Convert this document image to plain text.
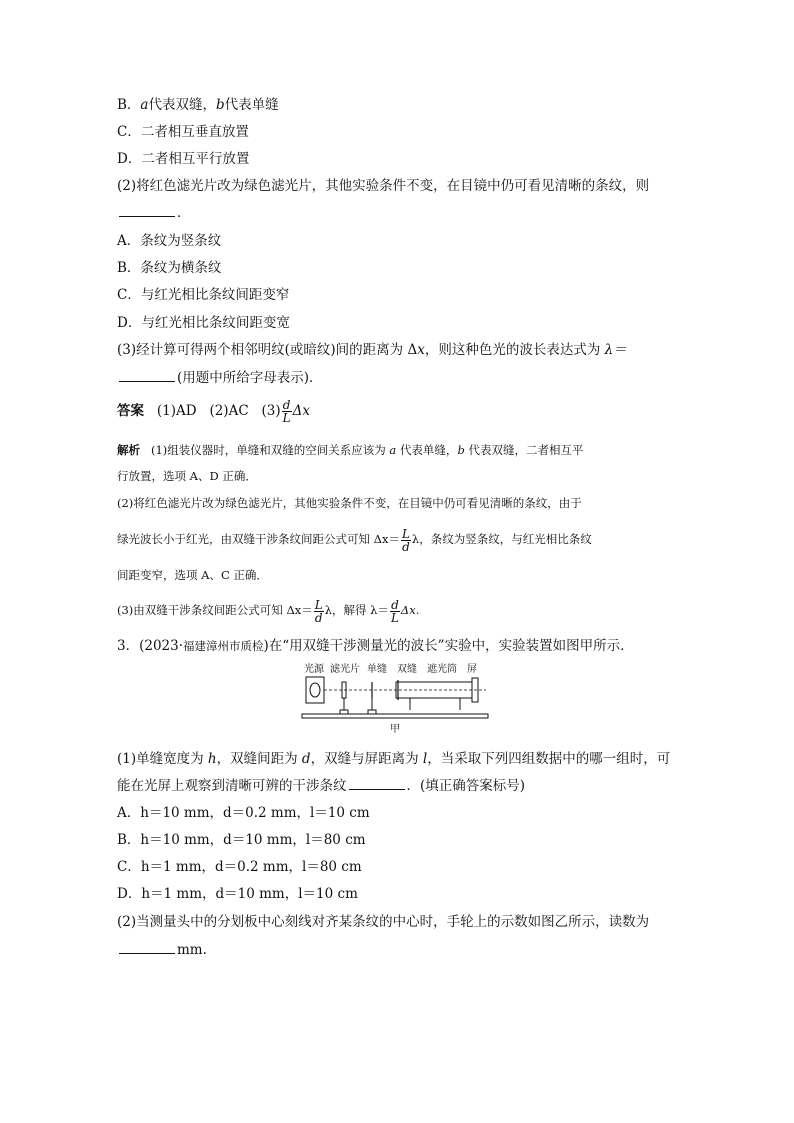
B．a代表双缝，b代表单缝
C．二者相互垂直放置
D．二者相互平行放置
(2)将红色滤光片改为绿色滤光片，其他实验条件不变，在目镜中仍可看见清晰的条纹，则
．
A．条纹为竖条纹
B．条纹为横条纹
C．与红光相比条纹间距变窄
D．与红光相比条纹间距变宽
(3)经计算可得两个相邻明纹(或暗纹)间的距离为 Δx，则这种色光的波长表达式为 λ＝
(用题中所给字母表示)．
答案 (1)AD (2)AC $(3) \frac{d}{L}$ Δx
解析 (1)组装仪器时，单缝和双缝的空间关系应该为 a 代表单缝，b 代表双缝，二者相互平
行放置，选项 A、D 正确．
(2)将红色滤光片改为绿色滤光片，其他实验条件不变，在目镜中仍可看见清晰的条纹，由于
绿光波长小于红光，由双缝干涉条纹间距公式可知 $\Delta x= \frac{L}{d}$ λ，条纹为竖条纹，与红光相比条纹
间距变窄，选项 A、C 正确．
(3)由双缝干涉条纹间距公式可知 $\Delta x= \frac{L}{d}$ λ，解得 $\lambda= \frac{d}{L} \Delta x$.
3．(2023·福建漳州市质检)在“用双缝干涉测量光的波长”实验中，实验装置如图甲所示．
光源 滤光片 单缝 双缝 遮光筒 屏
甲
(1)单缝宽度为 h，双缝间距为 d，双缝与屏距离为 l，当采取下列四组数据中的哪一组时，可
能在光屏上观察到清晰可辨的干涉条纹	．(填正确答案标号)
A．h＝10 mm，d＝0.2 mm，l＝10 cm
B．h＝10 mm，d＝10 mm，l＝80 cm
C．h＝1 mm，d＝0.2 mm，l＝80 cm
D．h＝1 mm，d＝10 mm，l＝10 cm
(2)当测量头中的分划板中心刻线对齐某条纹的中心时，手轮上的示数如图乙所示，读数为
mm.
